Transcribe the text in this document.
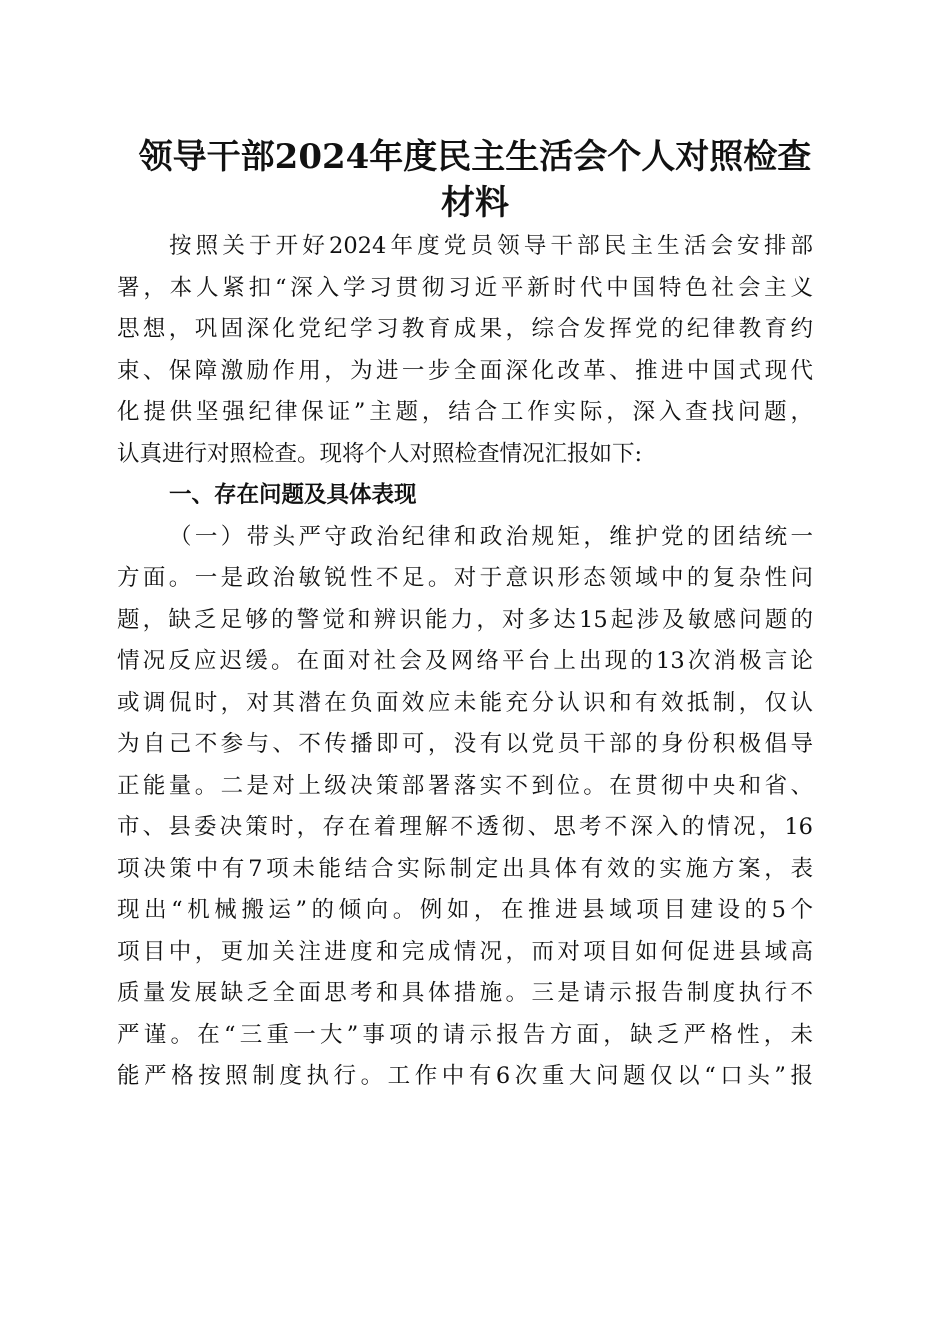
领导干部2024年度民主生活会个人对照检查
材料
按照关于开好2024年度党员领导干部民主生活会安排部
署，本人紧扣“深入学习贯彻习近平新时代中国特色社会主义
思想，巩固深化党纪学习教育成果，综合发挥党的纪律教育约
束、保障激励作用，为进一步全面深化改革、推进中国式现代
化提供坚强纪律保证”主题，结合工作实际，深入查找问题，
认真进行对照检查。现将个人对照检查情况汇报如下:
一、存在问题及具体表现
（一）带头严守政治纪律和政治规矩，维护党的团结统一
方面。一是政治敏锐性不足。对于意识形态领域中的复杂性问
题，缺乏足够的警觉和辨识能力，对多达15起涉及敏感问题的
情况反应迟缓。在面对社会及网络平台上出现的13次消极言论
或调侃时，对其潜在负面效应未能充分认识和有效抵制，仅认
为自己不参与、不传播即可，没有以党员干部的身份积极倡导
正能量。二是对上级决策部署落实不到位。在贯彻中央和省、
市、县委决策时，存在着理解不透彻、思考不深入的情况，16
项决策中有7项未能结合实际制定出具体有效的实施方案，表
现出“机械搬运”的倾向。例如，在推进县域项目建设的5个
项目中，更加关注进度和完成情况，而对项目如何促进县域高
质量发展缺乏全面思考和具体措施。三是请示报告制度执行不
严谨。在“三重一大”事项的请示报告方面，缺乏严格性，未
能严格按照制度执行。工作中有6次重大问题仅以“口头”报
